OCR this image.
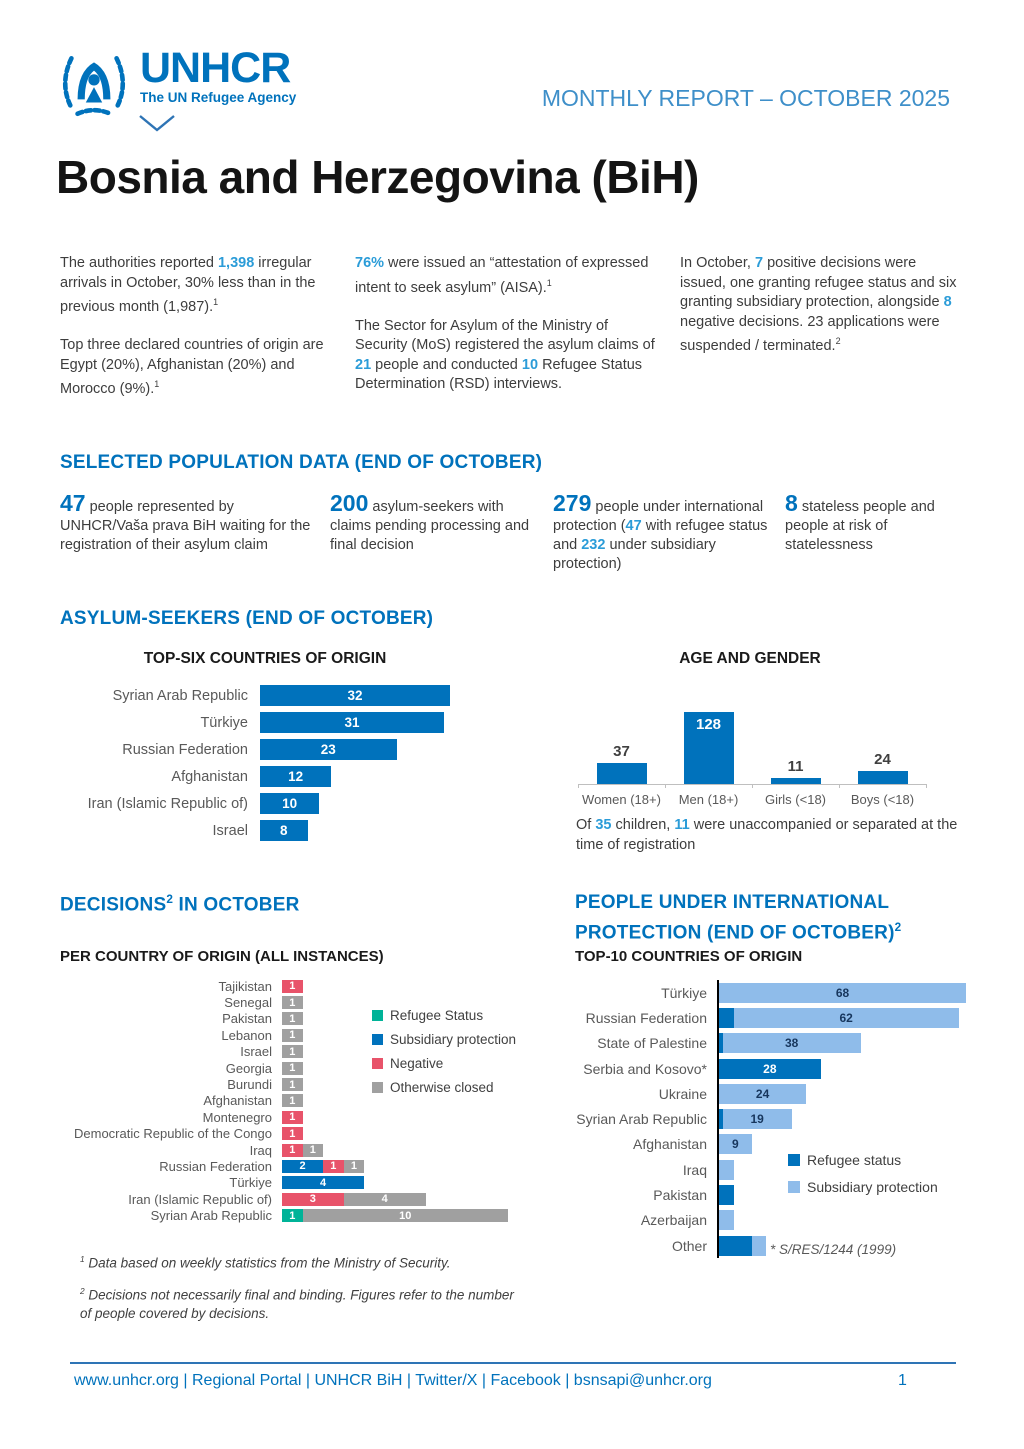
UNHCR
The UN Refugee Agency	MONTHLY REPORT – OCTOBER 2025
Bosnia and Herzegovina (BiH)

The authorities reported 1,398 irregular arrivals in October, 30% less than in the previous month (1,987).$^1$

Top three declared countries of origin are Egypt (20%), Afghanistan (20%) and Morocco (9%).$^1$

76% were issued an “attestation of expressed intent to seek asylum” (AISA).$^1$

The Sector for Asylum of the Ministry of Security (MoS) registered the asylum claims of 21 people and conducted 10 Refugee Status Determination (RSD) interviews.

In October, 7 positive decisions were issued, one granting refugee status and six granting subsidiary protection, alongside 8 negative decisions. 23 applications were suspended / terminated.$^2$

SELECTED POPULATION DATA (END OF OCTOBER)
47 people represented by UNHCR/Vaša prava BiH waiting for the registration of their asylum claim
200 asylum-seekers with claims pending processing and final decision
279 people under international protection (47 with refugee status and 232 under subsidiary protection)
8 stateless people and people at risk of statelessness
ASYLUM-SEEKERS (END OF OCTOBER)
TOP-SIX COUNTRIES OF ORIGIN	AGE AND GENDER
Syrian Arab Republic	32
Türkiye	31
Russian Federation	23
Afghanistan	12
Iran (Islamic Republic of)	10
Israel	8
37
128
11	24
Women (18+)	Men (18+)	Girls (<18)	Boys (<18)

Of 35 children, 11 were unaccompanied or separated at the time of registration

DECISIONS$^2$ IN OCTOBER
PER COUNTRY OF ORIGIN (ALL INSTANCES)
Tajikistan	1
Senegal	1
Pakistan	1
Lebanon	1
Israel	1
Georgia	1
Burundi	1
Afghanistan	1
Montenegro	1
Democratic Republic of the Congo	1
Iraq	1 1
Russian Federation	2 1 1
Türkiye	4
Iran (Islamic Republic of)	3	4
Syrian Arab Republic	1	10
Refugee Status
Subsidiary protection
Negative
Otherwise closed
PEOPLE UNDER INTERNATIONAL PROTECTION (END OF OCTOBER)$^2$
TOP-10 COUNTRIES OF ORIGIN
Türkiye	68
Russian Federation	62
State of Palestine	38
Serbia and Kosovo*	28
Ukraine	24
Syrian Arab Republic	19
Afghanistan	9
Iraq
Pakistan
Azerbaijan
Other
Refugee status
Subsidiary protection
* S/RES/1244 (1999)

$^1$ Data based on weekly statistics from the Ministry of Security.

$^2$ Decisions not necessarily final and binding. Figures refer to the number of people covered by decisions.

www.unhcr.org | Regional Portal | UNHCR BiH | Twitter/X | Facebook | bsnsapi@unhcr.org	1
